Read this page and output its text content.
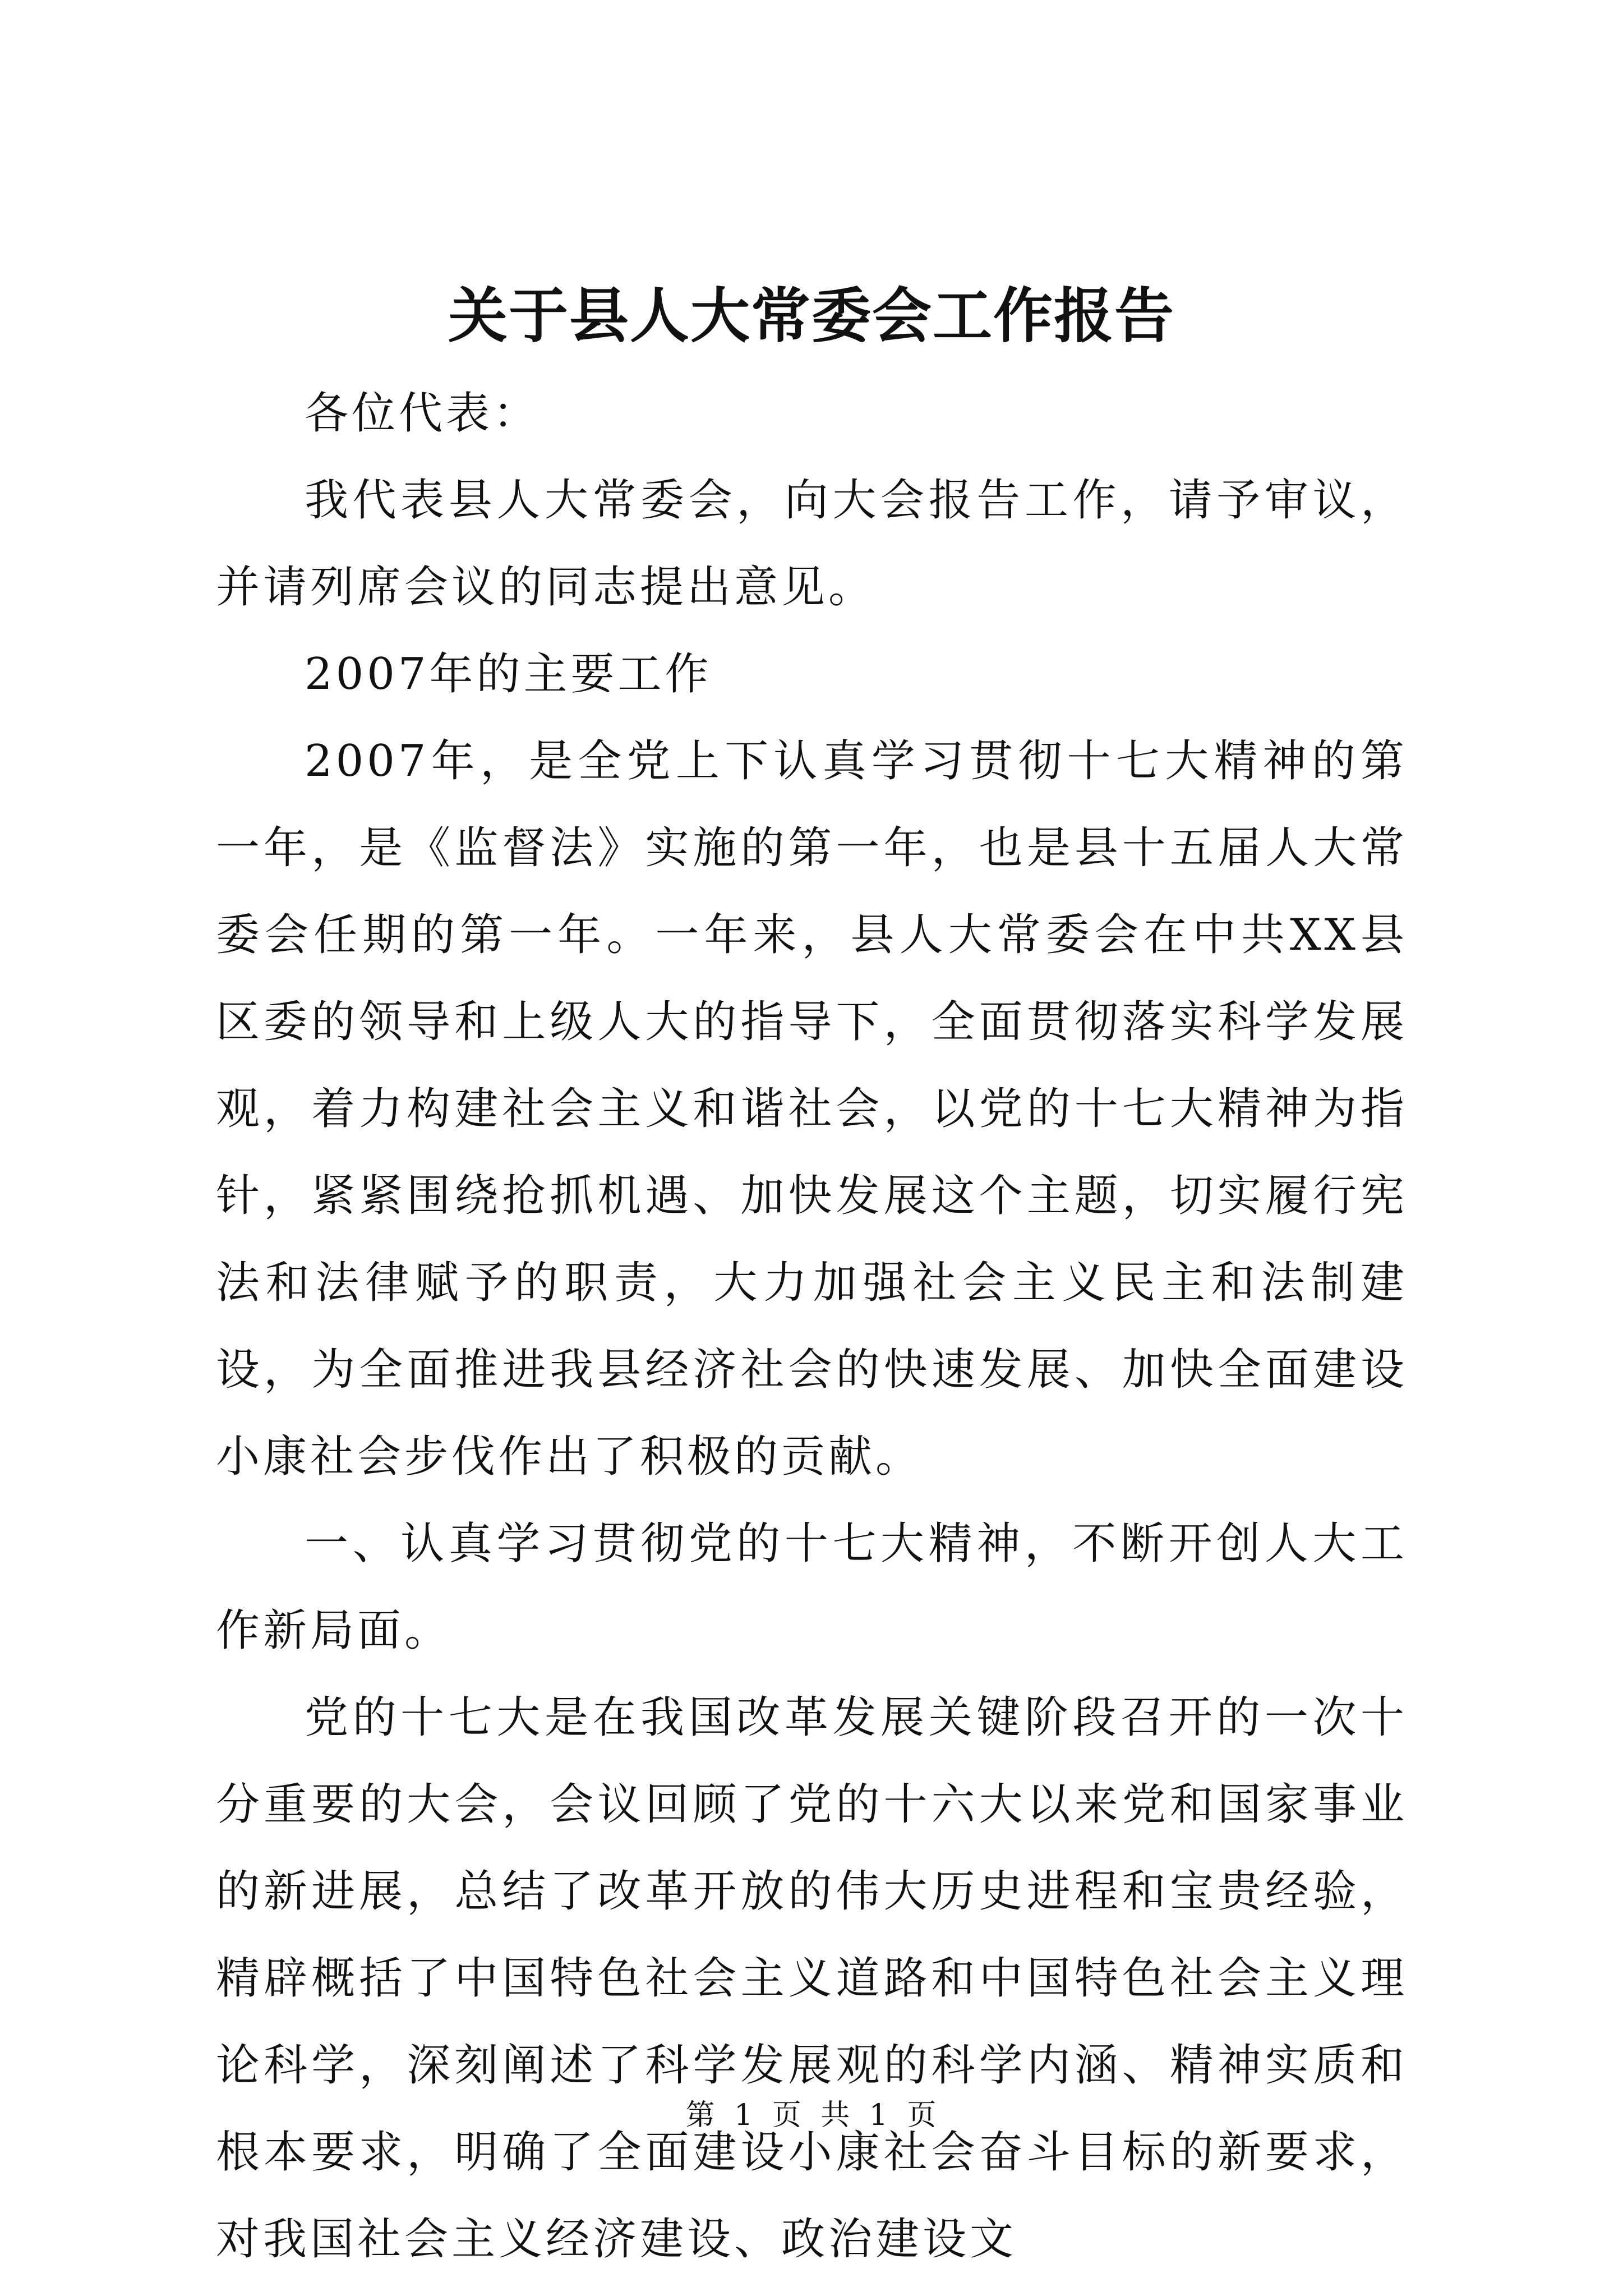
关于县人大常委会工作报告

各位代表：

我代表县人大常委会，向大会报告工作，请予审议，并请列席会议的同志提出意见。

2007年的主要工作

2007年，是全党上下认真学习贯彻十七大精神的第一年，是《监督法》实施的第一年，也是县十五届人大常委会任期的第一年。一年来，县人大常委会在中共XX县区委的领导和上级人大的指导下，全面贯彻落实科学发展观，着力构建社会主义和谐社会，以党的十七大精神为指针，紧紧围绕抢抓机遇、加快发展这个主题，切实履行宪法和法律赋予的职责，大力加强社会主义民主和法制建设，为全面推进我县经济社会的快速发展、加快全面建设小康社会步伐作出了积极的贡献。

一、认真学习贯彻党的十七大精神，不断开创人大工作新局面。

党的十七大是在我国改革发展关键阶段召开的一次十分重要的大会，会议回顾了党的十六大以来党和国家事业的新进展，总结了改革开放的伟大历史进程和宝贵经验，精辟概括了中国特色社会主义道路和中国特色社会主义理论科学，深刻阐述了科学发展观的科学内涵、精神实质和根本要求，明确了全面建设小康社会奋斗目标的新要求，对我国社会主义经济建设、政治建设文

第 1 页 共 1 页
